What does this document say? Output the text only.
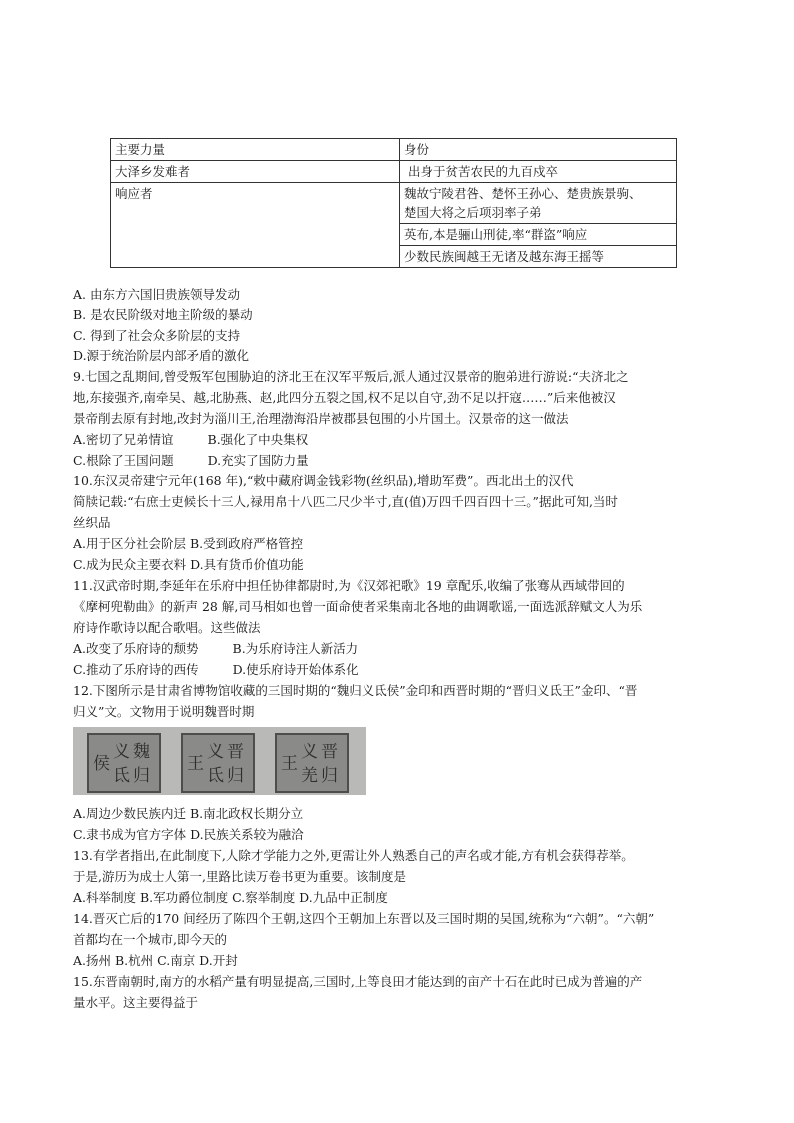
主要力量	身份
大泽乡发难者	出身于贫苦农民的九百戍卒
响应者	魏故宁陵君咎、楚怀王孙心、楚贵族景驹、
楚国大将之后项羽率子弟

	英布,本是骊山刑徒,率“群盗”响应
	少数民族闽越王无诸及越东海王摇等
A. 由东方六国旧贵族领导发动
B. 是农民阶级对地主阶级的暴动
C. 得到了社会众多阶层的支持
D.源于统治阶层内部矛盾的激化
9.七国之乱期间,曾受叛军包围胁迫的济北王在汉军平叛后,派人通过汉景帝的胞弟进行游说:“夫济北之
地,东接强齐,南牵吴、越,北胁燕、赵,此四分五裂之国,权不足以自守,劲不足以扞寇……”后来他被汉
景帝削去原有封地,改封为淄川王,治理渤海沿岸被郡县包围的小片国土。汉景帝的这一做法
A.密切了兄弟情谊	B.强化了中央集权
C.根除了王国问题	D.充实了国防力量
10.东汉灵帝建宁元年(168 年),“敕中藏府调金钱彩物(丝织品),增助军费”。西北出土的汉代
简牍记载:“右庶士吏候长十三人,禄用帛十八匹二尺少半寸,直(值)万四千四百四十三。”据此可知,当时
丝织品
A.用于区分社会阶层 B.受到政府严格管控
C.成为民众主要衣料 D.具有货币价值功能
11.汉武帝时期,李延年在乐府中担任协律都尉时,为《汉郊祀歌》19 章配乐,收编了张骞从西域带回的
《摩柯兜勒曲》的新声 28 解,司马相如也曾一面命使者采集南北各地的曲调歌谣,一面选派辞赋文人为乐
府诗作歌诗以配合歌唱。这些做法
A.改变了乐府诗的颓势	B.为乐府诗注人新活力
C.推动了乐府诗的西传	D.使乐府诗开始体系化
12.下图所示是甘肃省博物馆收藏的三国时期的“魏归义氐侯”金印和西晋时期的“晋归义氐王”金印、“晋
归义”文。文物用于说明魏晋时期
魏
归
义
氐
侯
晋
归
义
氐
王
晋
归
义
羌
王
A.周边少数民族内迁 B.南北政权长期分立
C.隶书成为官方字体 D.民族关系较为融洽
13.有学者指出,在此制度下,人除才学能力之外,更需让外人熟悉自己的声名或才能,方有机会获得荐举。
于是,游历为成士人第一,里路比读万卷书更为重要。该制度是
A.科举制度 B.军功爵位制度 C.察举制度 D.九品中正制度
14.晋灭亡后的170 间经历了陈四个王朝,这四个王朝加上东晋以及三国时期的吴国,统称为“六朝”。“六朝”
首都均在一个城市,即今天的
A.扬州 B.杭州 C.南京 D.开封
15.东晋南朝时,南方的水稻产量有明显提高,三国时,上等良田才能达到的亩产十石在此时已成为普遍的产
量水平。这主要得益于
